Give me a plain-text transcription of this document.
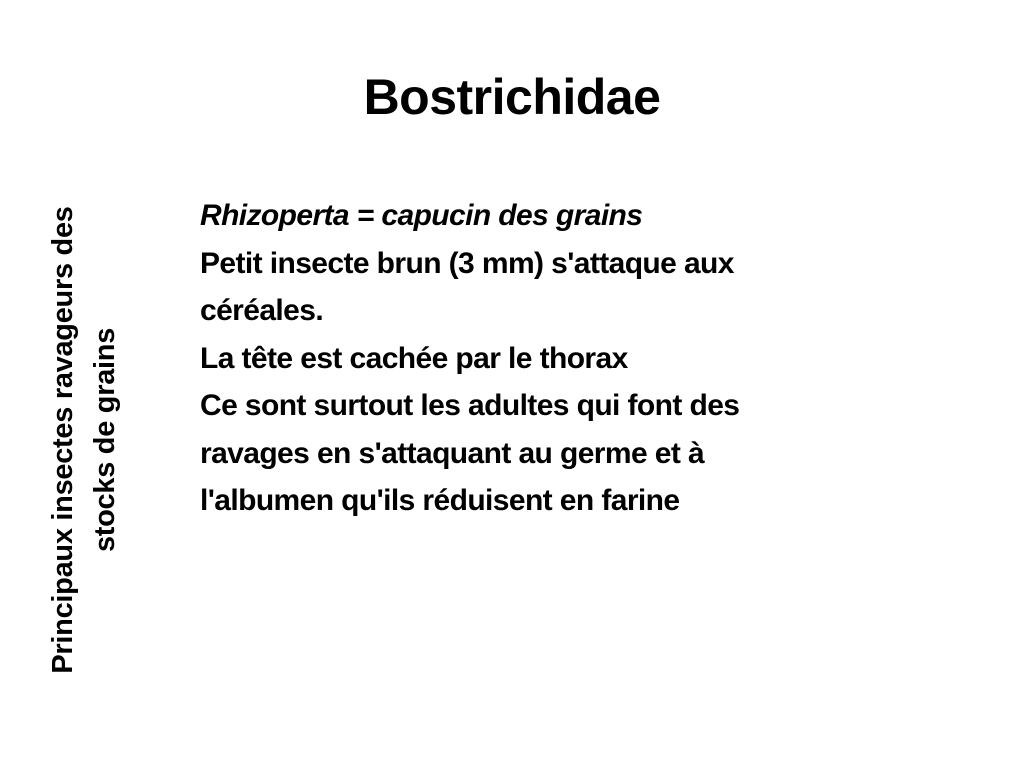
Bostrichidae
Principaux insectes ravageurs des stocks de grains
Rhizoperta = capucin des grains
Petit insecte brun (3 mm) s'attaque aux
céréales.
La tête est cachée par le thorax
Ce sont surtout les adultes qui font des
ravages en s'attaquant au germe et à
l'albumen qu'ils réduisent en farine
